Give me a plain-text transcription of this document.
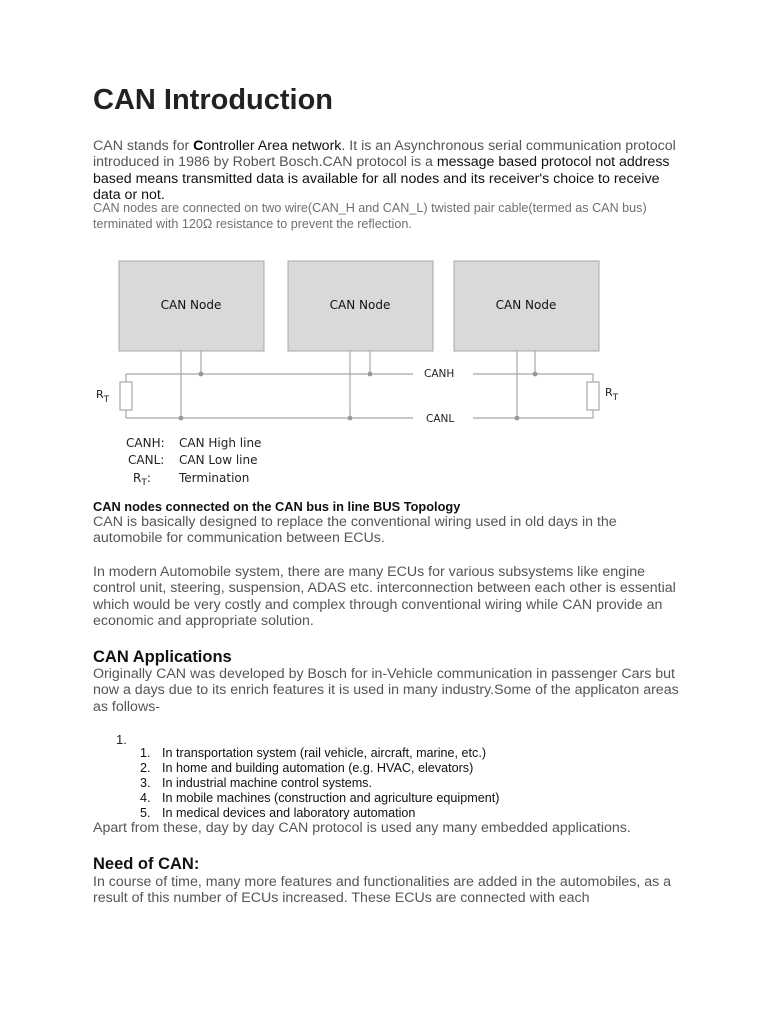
CAN Introduction
CAN stands for Controller Area network. It is an Asynchronous serial communication protocol introduced in 1986 by Robert Bosch.CAN protocol is a message based protocol not address based means transmitted data is available for all nodes and its receiver's choice to receive data or not.
CAN nodes are connected on two wire(CAN_H and CAN_L) twisted pair cable(termed as CAN bus) terminated with 120Ω resistance to prevent the reflection.
CAN nodes connected on the CAN bus in line BUS Topology
CAN is basically designed to replace the conventional wiring used in old days in the automobile for communication between ECUs.
In modern Automobile system, there are many ECUs for various subsystems like engine control unit, steering, suspension, ADAS etc. interconnection between each other is essential which would be very costly and complex through conventional wiring while CAN provide an economic and appropriate solution.
CAN Applications
Originally CAN was developed by Bosch for in-Vehicle communication in passenger Cars but now a days due to its enrich features it is used in many industry.Some of the applicaton areas as follows-
1.
1. In transportation system (rail vehicle, aircraft, marine, etc.)
2. In home and building automation (e.g. HVAC, elevators)
3. In industrial machine control systems.
4. In mobile machines (construction and agriculture equipment)
5. In medical devices and laboratory automation
Apart from these, day by day CAN protocol is used any many embedded applications.
Need of CAN:
In course of time, many more features and functionalities are added in the automobiles, as a result of this number of ECUs increased. These ECUs are connected with each
CAN Node	CAN Node	CAN Node
CANH
CANL
$R_T$
$R_T$
CANH: CAN High line
CANL: CAN Low line
$R_T$: Termination
